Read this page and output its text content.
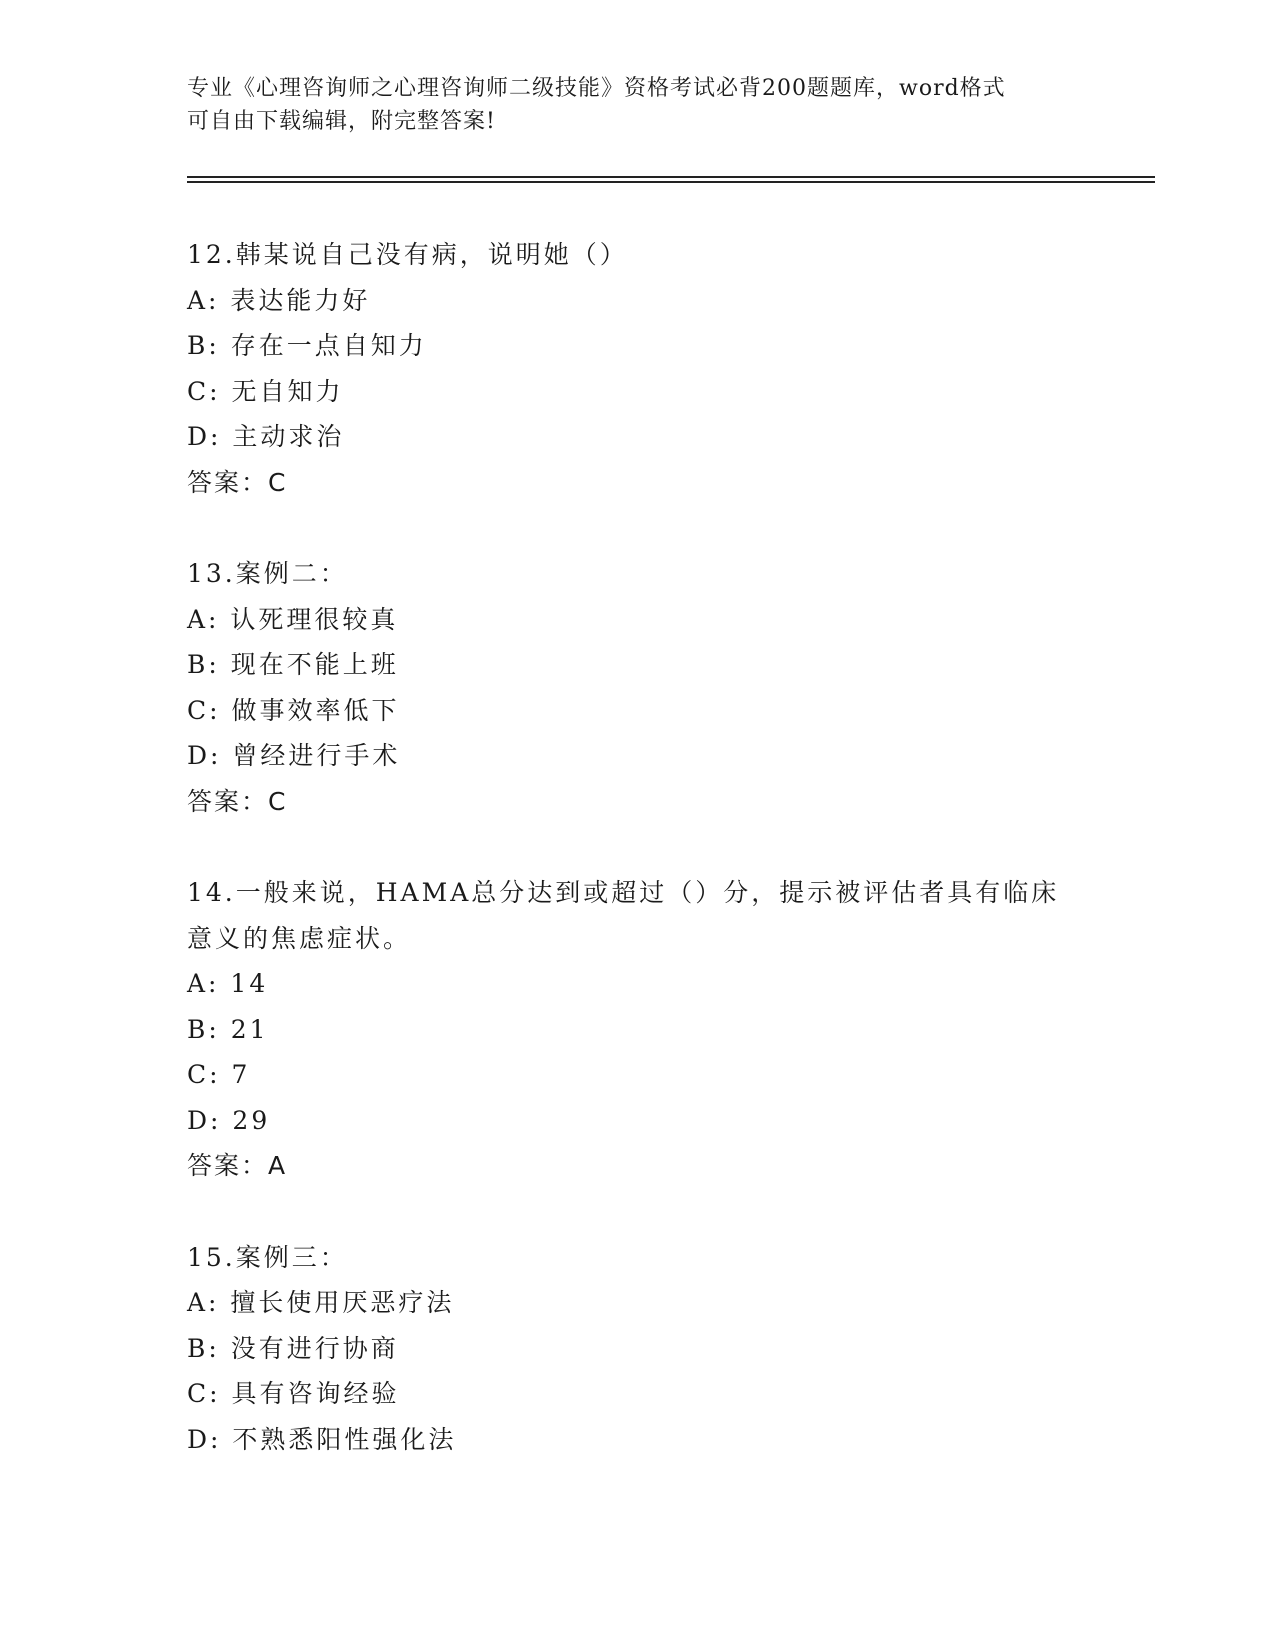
专业《心理咨询师之心理咨询师二级技能》资格考试必背200题题库，word格式
可自由下载编辑，附完整答案!
12.韩某说自己没有病，说明她（）
A: 表达能力好
B: 存在一点自知力
C: 无自知力
D: 主动求治
答案：C
13.案例二：
A: 认死理很较真
B: 现在不能上班
C: 做事效率低下
D: 曾经进行手术
答案：C
14.一般来说，HAMA总分达到或超过（）分，提示被评估者具有临床意义的焦虑症状。
A: 14
B: 21
C: 7
D: 29
答案：A
15.案例三：
A: 擅长使用厌恶疗法
B: 没有进行协商
C: 具有咨询经验
D: 不熟悉阳性强化法
